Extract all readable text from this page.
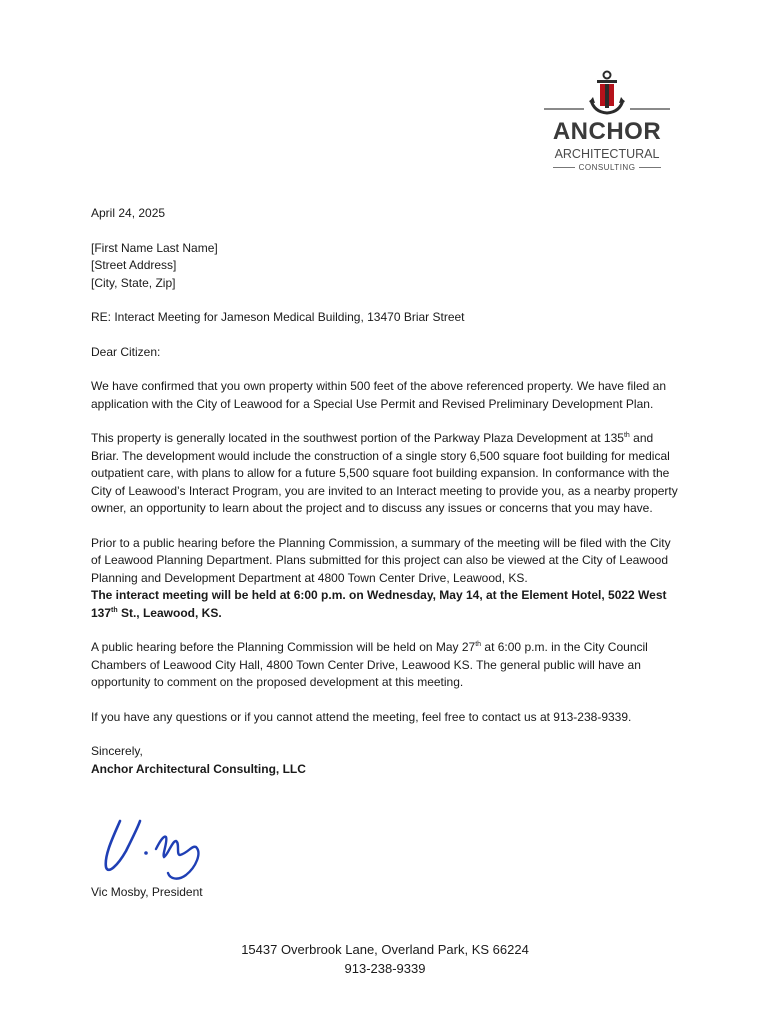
ANCHOR
ARCHITECTURAL
CONSULTING

April 24, 2025

[First Name Last Name]
[Street Address]
[City, State, Zip]

RE: Interact Meeting for Jameson Medical Building, 13470 Briar Street

Dear Citizen:

We have confirmed that you own property within 500 feet of the above referenced property. We have filed an application with the City of Leawood for a Special Use Permit and Revised Preliminary Development Plan.

This property is generally located in the southwest portion of the Parkway Plaza Development at 135th and Briar. The development would include the construction of a single story 6,500 square foot building for medical outpatient care, with plans to allow for a future 5,500 square foot building expansion. In conformance with the City of Leawood’s Interact Program, you are invited to an Interact meeting to provide you, as a nearby property owner, an opportunity to learn about the project and to discuss any issues or concerns that you may have.

Prior to a public hearing before the Planning Commission, a summary of the meeting will be filed with the City of Leawood Planning Department. Plans submitted for this project can also be viewed at the City of Leawood Planning and Development Department at 4800 Town Center Drive, Leawood, KS.
The interact meeting will be held at 6:00 p.m. on Wednesday, May 14, at the Element Hotel, 5022 West 137th St., Leawood, KS.

A public hearing before the Planning Commission will be held on May 27th at 6:00 p.m. in the City Council Chambers of Leawood City Hall, 4800 Town Center Drive, Leawood KS. The general public will have an opportunity to comment on the proposed development at this meeting.

If you have any questions or if you cannot attend the meeting, feel free to contact us at 913-238-9339.

Sincerely,
Anchor Architectural Consulting, LLC

Vic Mosby, President
15437 Overbrook Lane, Overland Park, KS 66224
913-238-9339
